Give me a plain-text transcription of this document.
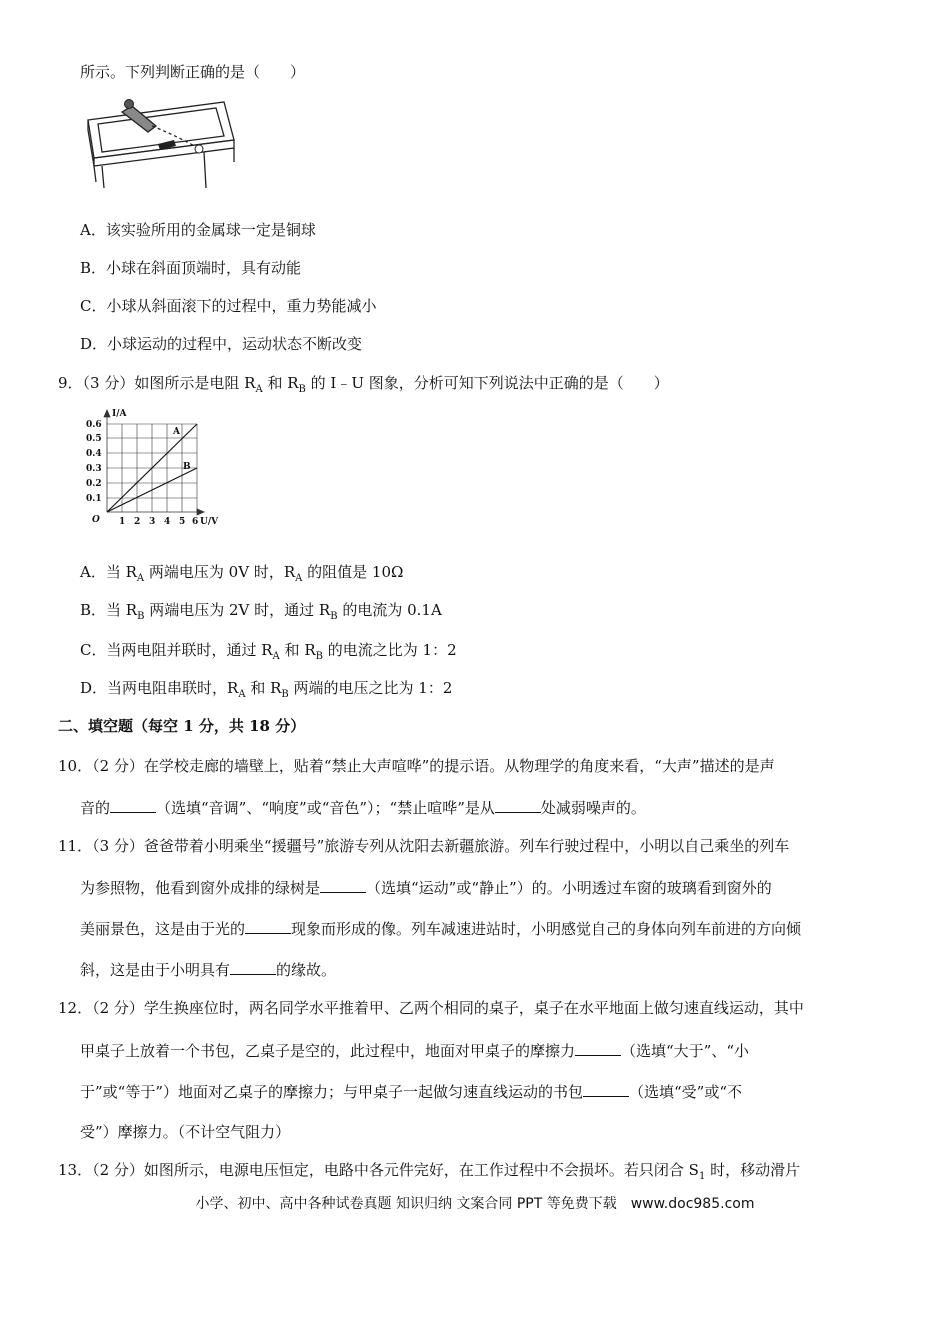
所示。下列判断正确的是（　　）
A．该实验所用的金属球一定是铜球
B．小球在斜面顶端时，具有动能
C．小球从斜面滚下的过程中，重力势能减小
D．小球运动的过程中，运动状态不断改变
9．（3 分）如图所示是电阻 $R_A$ 和 $R_B$ 的 I﹣U 图象，分析可知下列说法中正确的是（　　）
I/A
0.6
0.5
0.4
0.3
0.2
0.1
O 1 2 3 4 5 6 U/V
A
B
A．当 $R_A$ 两端电压为 0V 时，$R_A$ 的阻值是 10Ω
B．当 $R_B$ 两端电压为 2V 时，通过 $R_B$ 的电流为 0.1A
C．当两电阻并联时，通过 $R_A$ 和 $R_B$ 的电流之比为 1：2
D．当两电阻串联时，$R_A$ 和 $R_B$ 两端的电压之比为 1：2
二、填空题（每空 1 分，共 18 分）
10．（2 分）在学校走廊的墙壁上，贴着“禁止大声喧哗”的提示语。从物理学的角度来看，“大声”描述的是声
音的	（选填“音调”、“响度”或“音色”）；“禁止喧哗”是从	处减弱噪声的。
11．（3 分）爸爸带着小明乘坐“援疆号”旅游专列从沈阳去新疆旅游。列车行驶过程中，小明以自己乘坐的列车
为参照物，他看到窗外成排的绿树是	（选填“运动”或“静止”）的。小明透过车窗的玻璃看到窗外的
美丽景色，这是由于光的	现象而形成的像。列车减速进站时，小明感觉自己的身体向列车前进的方向倾
斜，这是由于小明具有	的缘故。
12．（2 分）学生换座位时，两名同学水平推着甲、乙两个相同的桌子，桌子在水平地面上做匀速直线运动，其中
甲桌子上放着一个书包，乙桌子是空的，此过程中，地面对甲桌子的摩擦力	（选填“大于”、“小
于”或“等于”）地面对乙桌子的摩擦力；与甲桌子一起做匀速直线运动的书包	（选填“受”或“不
受”）摩擦力。（不计空气阻力）
13．（2 分）如图所示，电源电压恒定，电路中各元件完好，在工作过程中不会损坏。若只闭合 $S_1$ 时，移动滑片
小学、初中、高中各种试卷真题 知识归纳 文案合同 PPT 等免费下载　www.doc985.com
